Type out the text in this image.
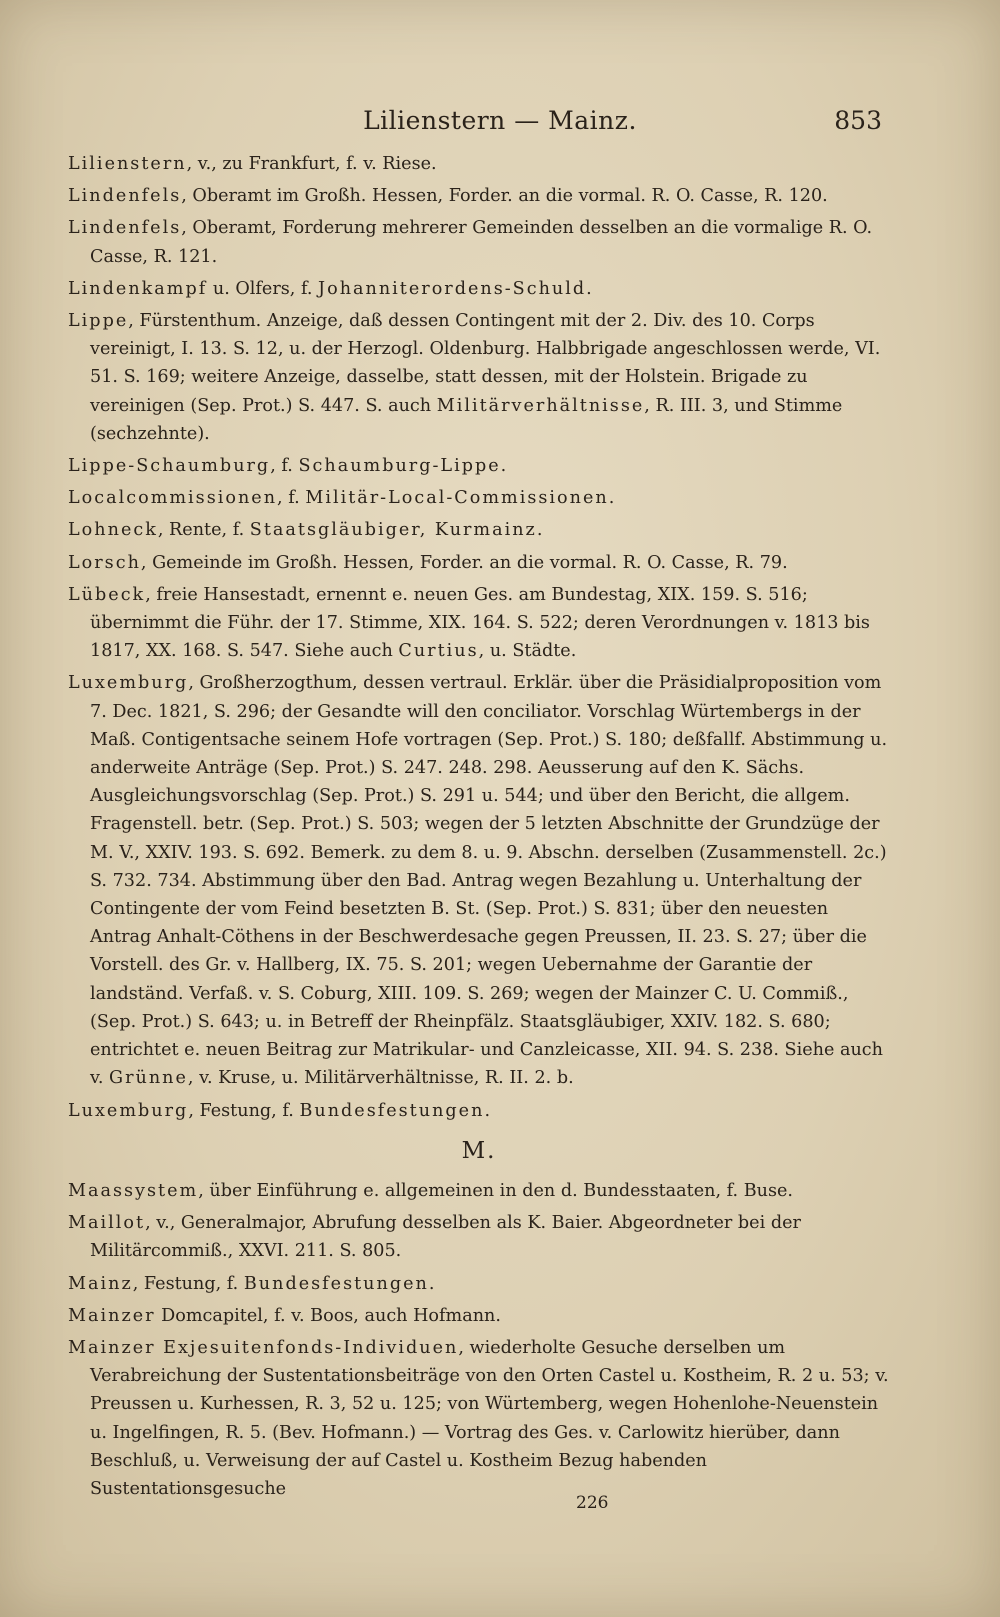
Lilienstern — Mainz.	853
Lilienstern, v., zu Frankfurt, f. v. Riese.
Lindenfels, Oberamt im Großh. Hessen, Forder. an die vormal. R. O. Casse, R. 120.
Lindenfels, Oberamt, Forderung mehrerer Gemeinden desselben an die vormalige R. O. Casse, R. 121.
Lindenkampf u. Olfers, f. Johanniterordens-Schuld.
Lippe, Fürstenthum. Anzeige, daß dessen Contingent mit der 2. Div. des 10. Corps vereinigt, I. 13. S. 12, u. der Herzogl. Oldenburg. Halbbrigade angeschlossen werde, VI. 51. S. 169; weitere Anzeige, dasselbe, statt dessen, mit der Holstein. Brigade zu vereinigen (Sep. Prot.) S. 447. S. auch Militärverhältnisse, R. III. 3, und Stimme (sechzehnte).
Lippe-Schaumburg, f. Schaumburg-Lippe.
Localcommissionen, f. Militär-Local-Commissionen.
Lohneck, Rente, f. Staatsgläubiger, Kurmainz.
Lorsch, Gemeinde im Großh. Hessen, Forder. an die vormal. R. O. Casse, R. 79.
Lübeck, freie Hansestadt, ernennt e. neuen Ges. am Bundestag, XIX. 159. S. 516; übernimmt die Führ. der 17. Stimme, XIX. 164. S. 522; deren Verordnungen v. 1813 bis 1817, XX. 168. S. 547. Siehe auch Curtius, u. Städte.
Luxemburg, Großherzogthum, dessen vertraul. Erklär. über die Präsidialproposition vom 7. Dec. 1821, S. 296; der Gesandte will den conciliator. Vorschlag Würtembergs in der Maß. Contigentsache seinem Hofe vortragen (Sep. Prot.) S. 180; deßfallf. Abstimmung u. anderweite Anträge (Sep. Prot.) S. 247. 248. 298. Aeusserung auf den K. Sächs. Ausgleichungsvorschlag (Sep. Prot.) S. 291 u. 544; und über den Bericht, die allgem. Fragenstell. betr. (Sep. Prot.) S. 503; wegen der 5 letzten Abschnitte der Grundzüge der M. V., XXIV. 193. S. 692. Bemerk. zu dem 8. u. 9. Abschn. derselben (Zusammenstell. 2c.) S. 732. 734. Abstimmung über den Bad. Antrag wegen Bezahlung u. Unterhaltung der Contingente der vom Feind besetzten B. St. (Sep. Prot.) S. 831; über den neuesten Antrag Anhalt-Cöthens in der Beschwerdesache gegen Preussen, II. 23. S. 27; über die Vorstell. des Gr. v. Hallberg, IX. 75. S. 201; wegen Uebernahme der Garantie der landständ. Verfaß. v. S. Coburg, XIII. 109. S. 269; wegen der Mainzer C. U. Commiß., (Sep. Prot.) S. 643; u. in Betreff der Rheinpfälz. Staatsgläubiger, XXIV. 182. S. 680; entrichtet e. neuen Beitrag zur Matrikular- und Canzleicasse, XII. 94. S. 238. Siehe auch v. Grünne, v. Kruse, u. Militärverhältnisse, R. II. 2. b.
Luxemburg, Festung, f. Bundesfestungen.
M.
Maassystem, über Einführung e. allgemeinen in den d. Bundesstaaten, f. Buse.
Maillot, v., Generalmajor, Abrufung desselben als K. Baier. Abgeordneter bei der Militärcommiß., XXVI. 211. S. 805.
Mainz, Festung, f. Bundesfestungen.
Mainzer Domcapitel, f. v. Boos, auch Hofmann.
Mainzer Exjesuitenfonds-Individuen, wiederholte Gesuche derselben um Verabreichung der Sustentationsbeiträge von den Orten Castel u. Kostheim, R. 2 u. 53; v. Preussen u. Kurhessen, R. 3, 52 u. 125; von Würtemberg, wegen Hohenlohe-Neuenstein u. Ingelfingen, R. 5. (Bev. Hofmann.) — Vortrag des Ges. v. Carlowitz hierüber, dann Beschluß, u. Verweisung der auf Castel u. Kostheim Bezug habenden Sustentationsgesuche
226
